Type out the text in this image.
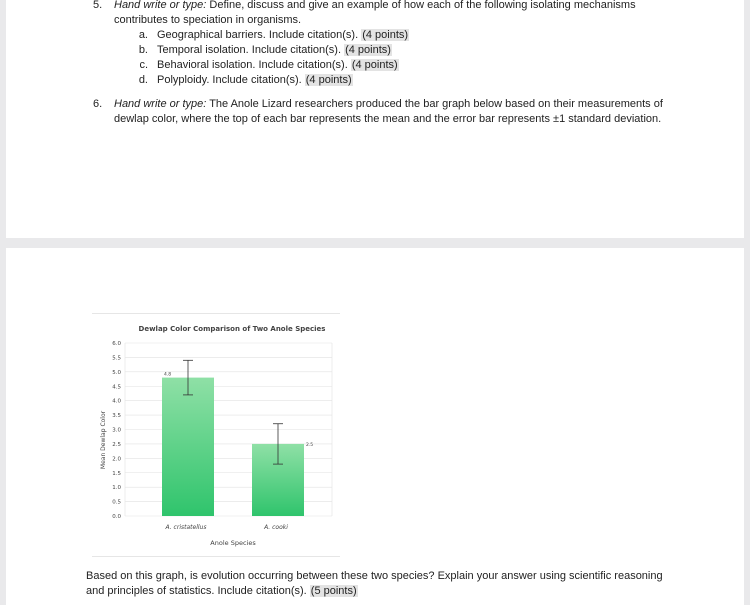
5. Hand write or type: Define, discuss and give an example of how each of the following isolating mechanisms
contributes to speciation in organisms.
a. Geographical barriers. Include citation(s). (4 points)
b. Temporal isolation. Include citation(s). (4 points)
c. Behavioral isolation. Include citation(s). (4 points)
d. Polyploidy. Include citation(s). (4 points)
6. Hand write or type: The Anole Lizard researchers produced the bar graph below based on their measurements of
dewlap color, where the top of each bar represents the mean and the error bar represents ±1 standard deviation.
Dewlap Color Comparison of Two Anole Species
0.0
0.5
1.0
1.5
2.0
2.5
3.0
3.5
4.0
4.5
5.0
5.5
6.0
4.8
2.5
A. cristatellus	A. cooki
Anole Species
Mean Dewlap Color
Based on this graph, is evolution occurring between these two species? Explain your answer using scientific reasoning
and principles of statistics. Include citation(s). (5 points)
